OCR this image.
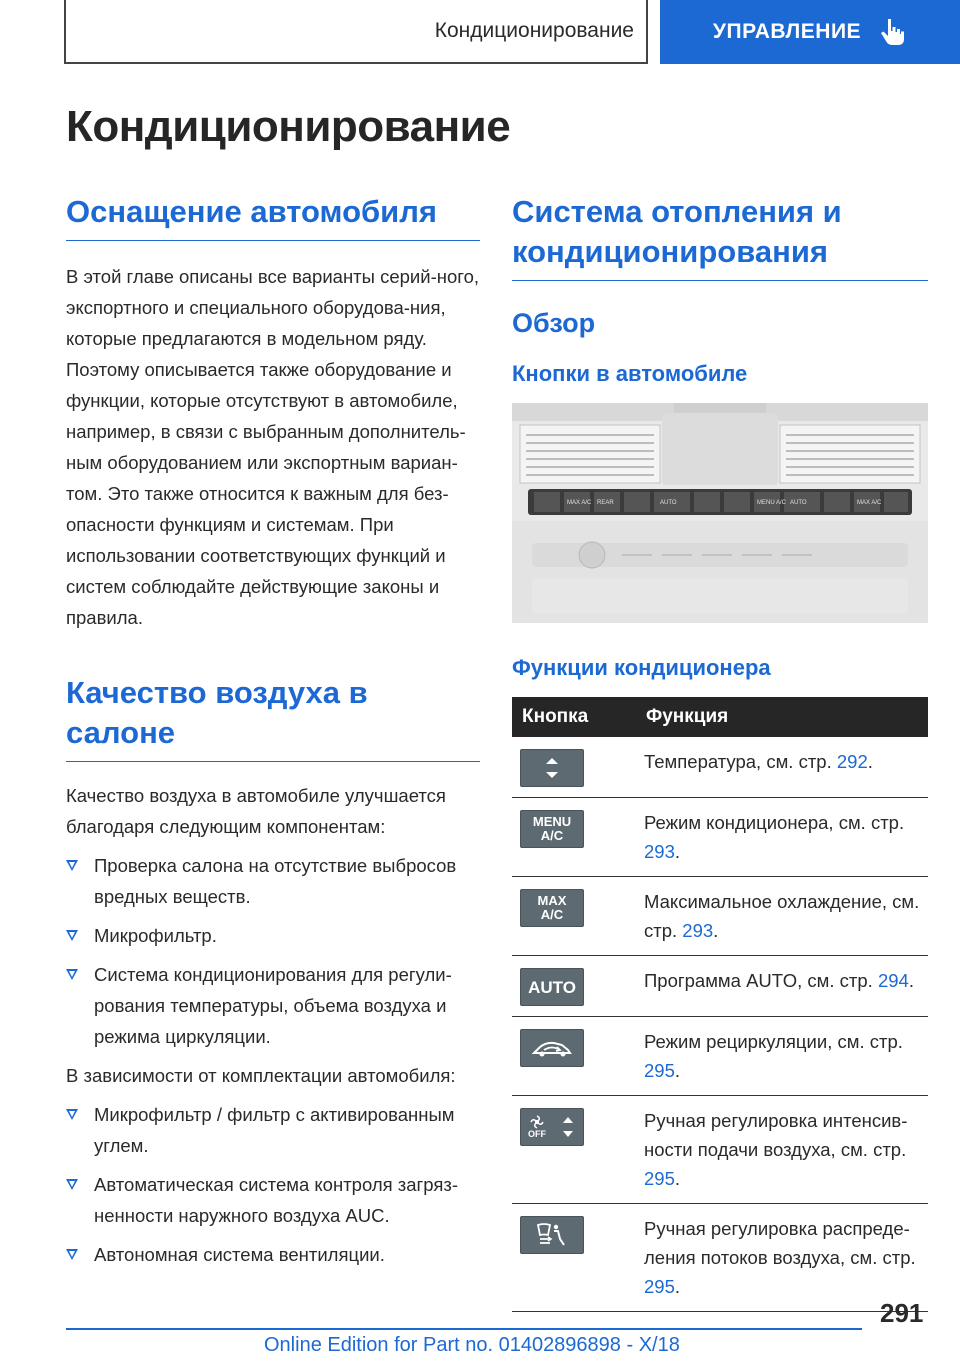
Кондиционирование	УПРАВЛЕНИЕ
Кондиционирование
Оснащение автомобиля

В этой главе описаны все варианты серий-ного, экспортного и специального оборудова-ния, которые предлагаются в модельном ряду. Поэтому описывается также оборудование и функции, которые отсутствуют в автомобиле, например, в связи с выбранным дополнитель-ным оборудованием или экспортным вариан-том. Это также относится к важным для без-опасности функциям и системам. При использовании соответствующих функций и систем соблюдайте действующие законы и правила.

Качество воздуха в салоне

Качество воздуха в автомобиле улучшается благодаря следующим компонентам:

Проверка салона на отсутствие выбросов вредных веществ.
Микрофильтр.
Система кондиционирования для регули-рования температуры, объема воздуха и режима циркуляции.

В зависимости от комплектации автомобиля:

Микрофильтр / фильтр с активированным углем.
Автоматическая система контроля загряз-ненности наружного воздуха AUC.
Автономная система вентиляции.
Система отопления и кондиционирования
Обзор
Кнопки в автомобиле
MAX A/C REAR	AUTO	MENU A/C AUTO	MAX A/C
Функции кондиционера
Кнопка	Функция

	Температура, см. стр. 292.

MENU
A/C	Режим кондиционера, см. стр. 293.

MAX
A/C	Максимальное охлаждение, см. стр. 293.

AUTO	Программа AUTO, см. стр. 294.

	Режим рециркуляции, см. стр. 295.

OFF	Ручная регулировка интенсив-ности подачи воздуха, см. стр. 295.

	Ручная регулировка распреде-ления потоков воздуха, см. стр. 295.
291
Online Edition for Part no. 01402896898 - X/18
